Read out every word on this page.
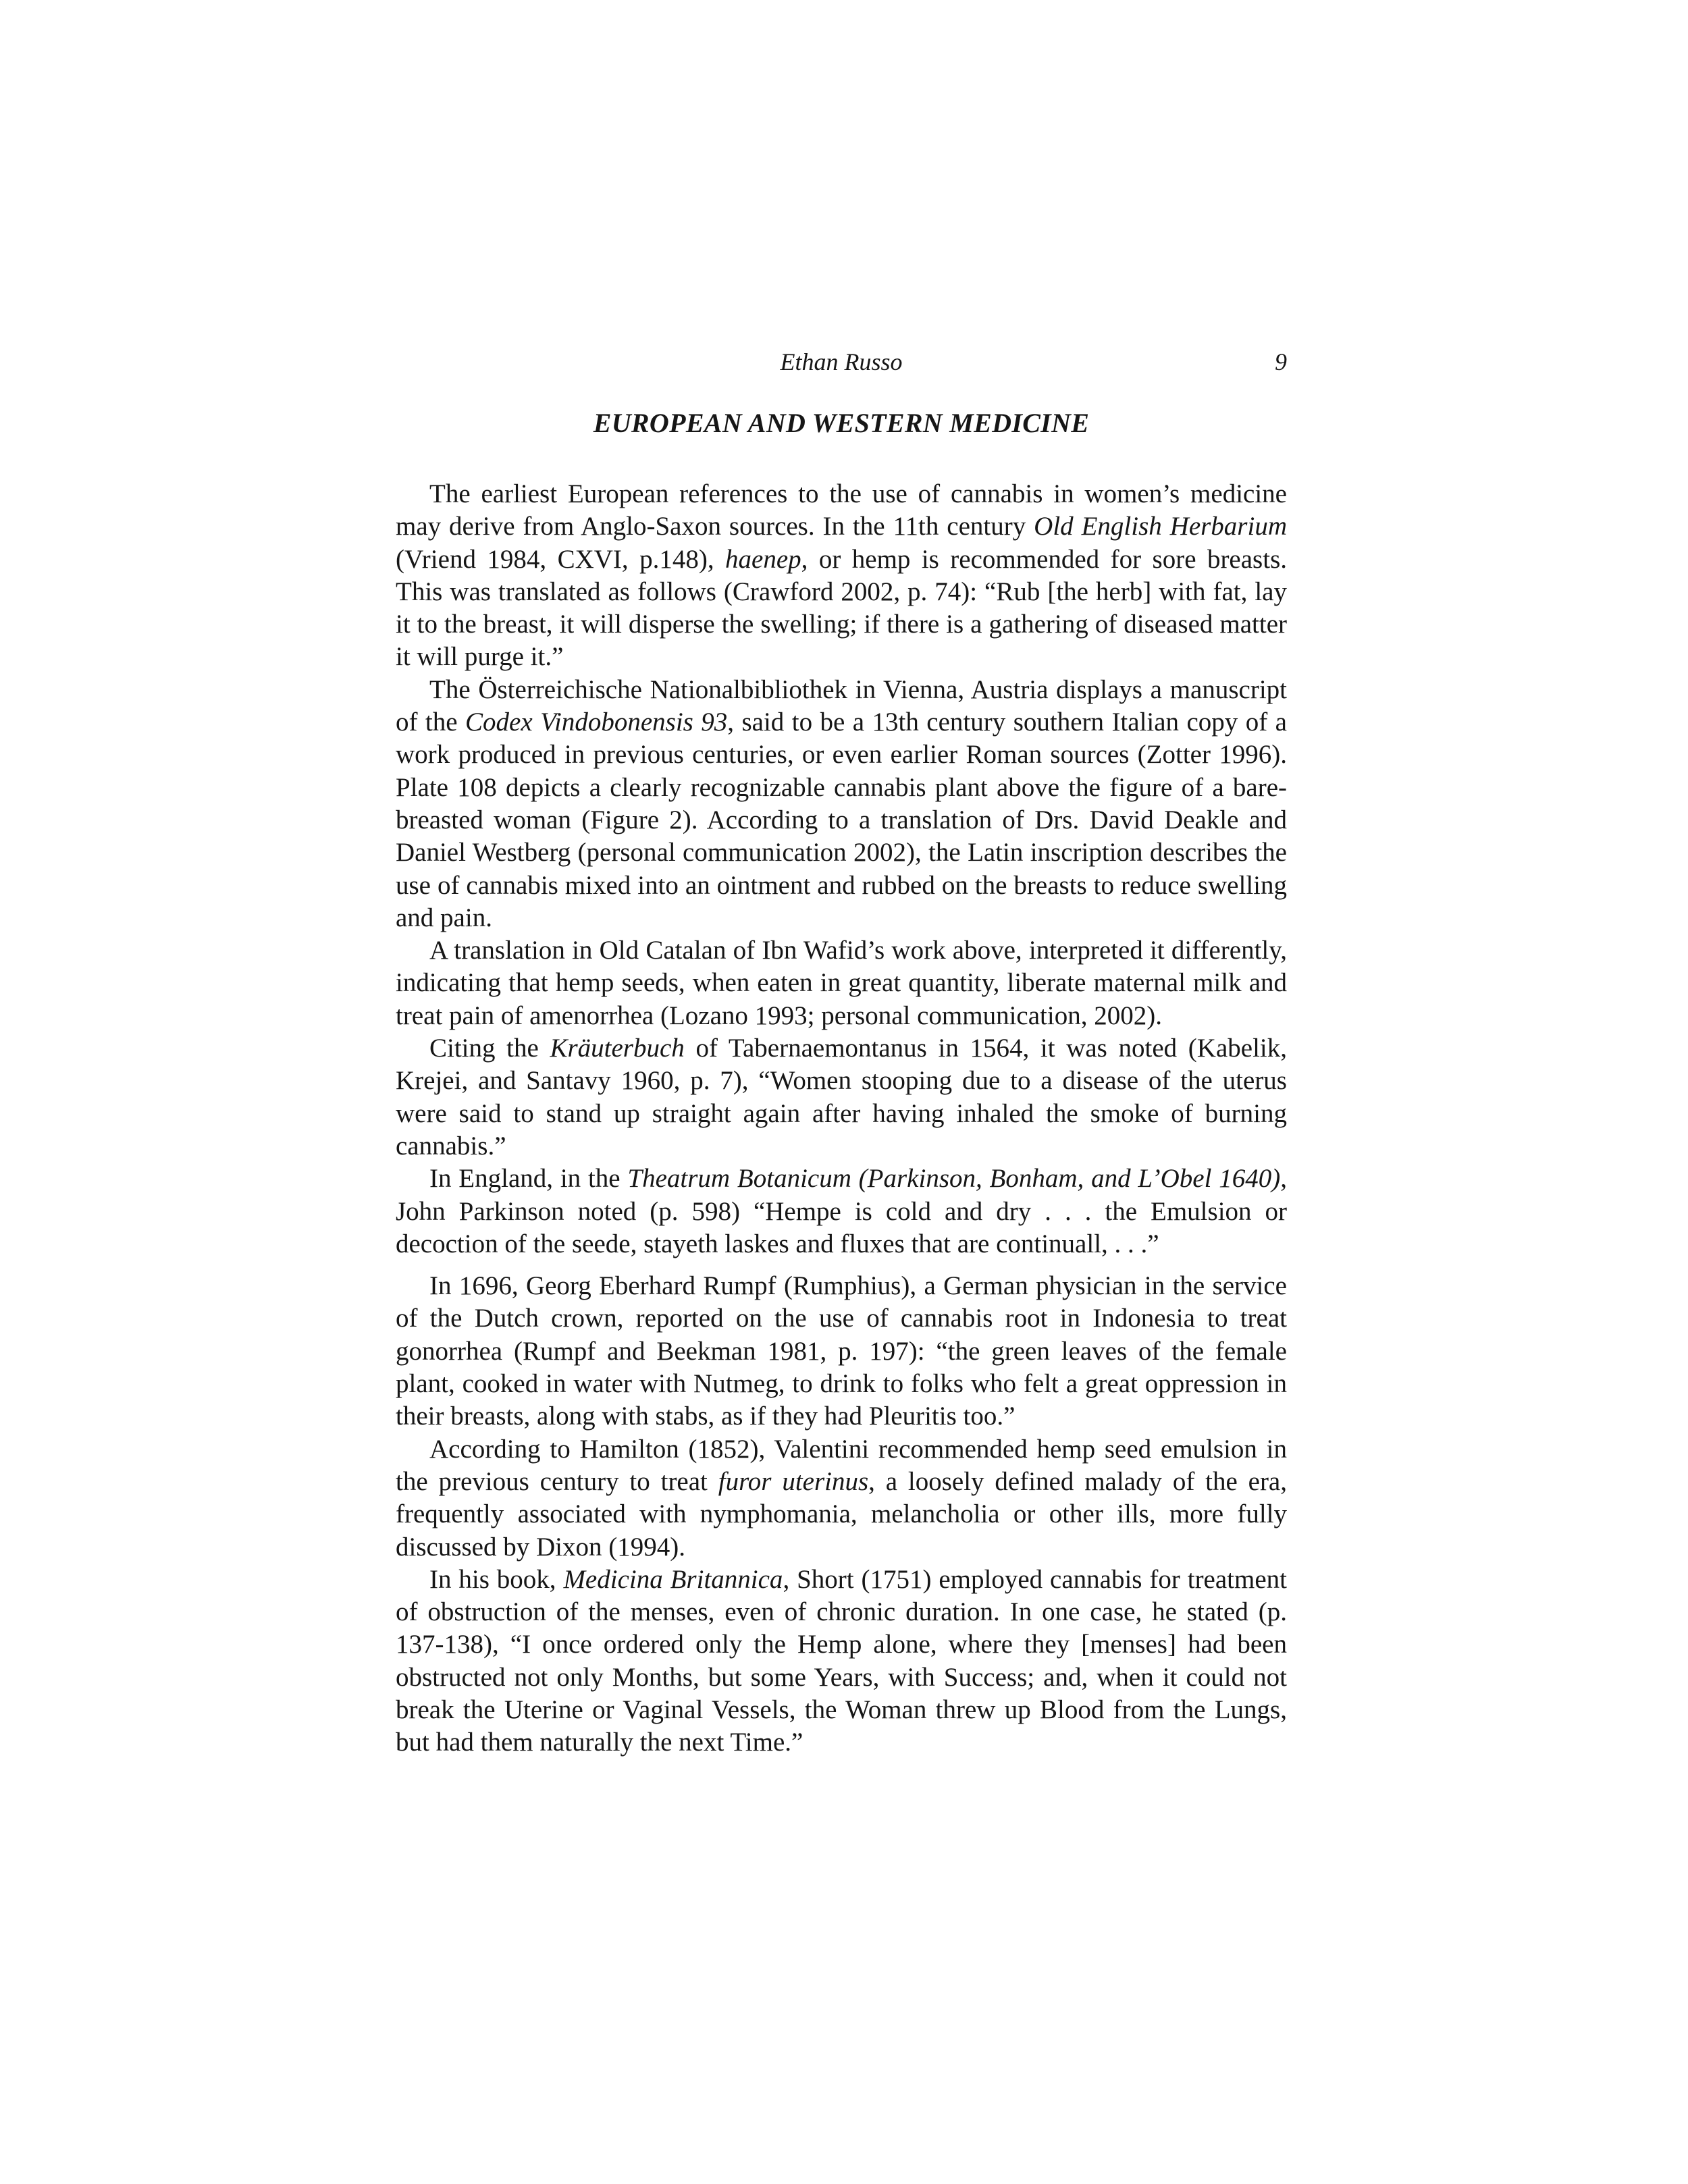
Ethan Russo	9
EUROPEAN AND WESTERN MEDICINE

The earliest European references to the use of cannabis in women’s medicine may derive from Anglo-Saxon sources. In the 11th century Old English Herbarium (Vriend 1984, CXVI, p.148), haenep, or hemp is recommended for sore breasts. This was translated as follows (Crawford 2002, p. 74): “Rub [the herb] with fat, lay it to the breast, it will disperse the swelling; if there is a gathering of diseased matter it will purge it.”

The Österreichische Nationalbibliothek in Vienna, Austria displays a manuscript of the Codex Vindobonensis 93, said to be a 13th century southern Italian copy of a work produced in previous centuries, or even earlier Roman sources (Zotter 1996). Plate 108 depicts a clearly recognizable cannabis plant above the figure of a bare-breasted woman (Figure 2). According to a translation of Drs. David Deakle and Daniel Westberg (personal communication 2002), the Latin inscription describes the use of cannabis mixed into an ointment and rubbed on the breasts to reduce swelling and pain.

A translation in Old Catalan of Ibn Wafid’s work above, interpreted it differently, indicating that hemp seeds, when eaten in great quantity, liberate maternal milk and treat pain of amenorrhea (Lozano 1993; personal communication, 2002).

Citing the Kräuterbuch of Tabernaemontanus in 1564, it was noted (Kabelik, Krejei, and Santavy 1960, p. 7), “Women stooping due to a disease of the uterus were said to stand up straight again after having inhaled the smoke of burning cannabis.”

In England, in the Theatrum Botanicum (Parkinson, Bonham, and L’Obel 1640), John Parkinson noted (p. 598) “Hempe is cold and dry . . . the Emulsion or decoction of the seede, stayeth laskes and fluxes that are continuall, . . .”

In 1696, Georg Eberhard Rumpf (Rumphius), a German physician in the service of the Dutch crown, reported on the use of cannabis root in Indonesia to treat gonorrhea (Rumpf and Beekman 1981, p. 197): “the green leaves of the female plant, cooked in water with Nutmeg, to drink to folks who felt a great oppression in their breasts, along with stabs, as if they had Pleuritis too.”

According to Hamilton (1852), Valentini recommended hemp seed emulsion in the previous century to treat furor uterinus, a loosely defined malady of the era, frequently associated with nymphomania, melancholia or other ills, more fully discussed by Dixon (1994).

In his book, Medicina Britannica, Short (1751) employed cannabis for treatment of obstruction of the menses, even of chronic duration. In one case, he stated (p. 137-138), “I once ordered only the Hemp alone, where they [menses] had been obstructed not only Months, but some Years, with Success; and, when it could not break the Uterine or Vaginal Vessels, the Woman threw up Blood from the Lungs, but had them naturally the next Time.”
